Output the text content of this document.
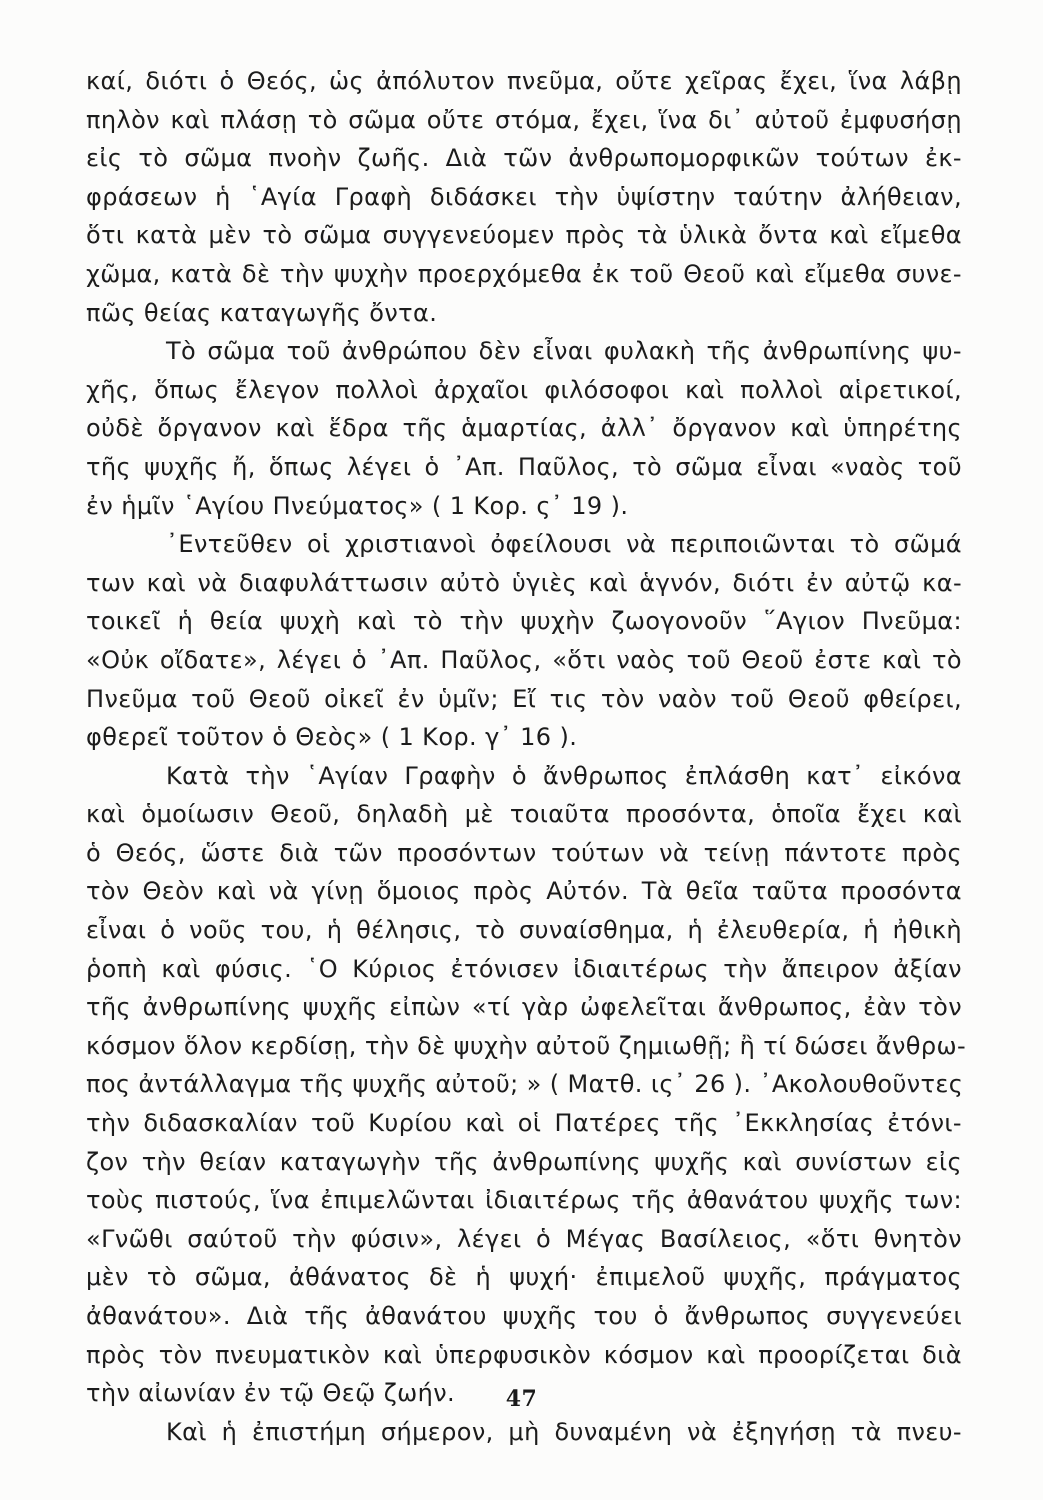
καί, διότι ὁ Θεός, ὡς ἀπόλυτον πνεῦμα, οὔτε χεῖρας ἔχει, ἵνα λάβῃ
πηλὸν καὶ πλάσῃ τὸ σῶμα οὔτε στόμα, ἔχει, ἵνα δι᾽ αὐτοῦ ἐμφυσήσῃ
εἰς τὸ σῶμα πνοὴν ζωῆς. Διὰ τῶν ἀνθρωπομορφικῶν τούτων ἐκ-
φράσεων ἡ ῾Αγία Γραφὴ διδάσκει τὴν ὑψίστην ταύτην ἀλήθειαν,
ὅτι κατὰ μὲν τὸ σῶμα συγγενεύομεν πρὸς τὰ ὑλικὰ ὄντα καὶ εἴμεθα
χῶμα, κατὰ δὲ τὴν ψυχὴν προερχόμεθα ἐκ τοῦ Θεοῦ καὶ εἴμεθα συνε-
πῶς θείας καταγωγῆς ὄντα.
Τὸ σῶμα τοῦ ἀνθρώπου δὲν εἶναι φυλακὴ τῆς ἀνθρωπίνης ψυ-
χῆς, ὅπως ἔλεγον πολλοὶ ἀρχαῖοι φιλόσοφοι καὶ πολλοὶ αἱρετικοί,
οὐδὲ ὄργανον καὶ ἕδρα τῆς ἁμαρτίας, ἀλλ᾽ ὄργανον καὶ ὑπηρέτης
τῆς ψυχῆς ἤ, ὅπως λέγει ὁ ᾽Απ. Παῦλος, τὸ σῶμα εἶναι «ναὸς τοῦ
ἐν ἡμῖν ῾Αγίου Πνεύματος» ( 1 Κορ. ς᾽ 19 ).
᾽Εντεῦθεν οἱ χριστιανοὶ ὀφείλουσι νὰ περιποιῶνται τὸ σῶμά
των καὶ νὰ διαφυλάττωσιν αὐτὸ ὑγιὲς καὶ ἁγνόν, διότι ἐν αὐτῷ κα-
τοικεῖ ἡ θεία ψυχὴ καὶ τὸ τὴν ψυχὴν ζωογονοῦν ῞Αγιον Πνεῦμα:
«Οὐκ οἴδατε», λέγει ὁ ᾽Απ. Παῦλος, «ὅτι ναὸς τοῦ Θεοῦ ἐστε καὶ τὸ
Πνεῦμα τοῦ Θεοῦ οἰκεῖ ἐν ὑμῖν; Εἴ τις τὸν ναὸν τοῦ Θεοῦ φθείρει,
φθερεῖ τοῦτον ὁ Θεὸς» ( 1 Κορ. γ᾽ 16 ).
Κατὰ τὴν ῾Αγίαν Γραφὴν ὁ ἄνθρωπος ἐπλάσθη κατ᾽ εἰκόνα
καὶ ὁμοίωσιν Θεοῦ, δηλαδὴ μὲ τοιαῦτα προσόντα, ὁποῖα ἔχει καὶ
ὁ Θεός, ὥστε διὰ τῶν προσόντων τούτων νὰ τείνῃ πάντοτε πρὸς
τὸν Θεὸν καὶ νὰ γίνῃ ὅμοιος πρὸς Αὐτόν. Τὰ θεῖα ταῦτα προσόντα
εἶναι ὁ νοῦς του, ἡ θέλησις, τὸ συναίσθημα, ἡ ἐλευθερία, ἡ ἠθικὴ
ῥοπὴ καὶ φύσις. ῾Ο Κύριος ἐτόνισεν ἰδιαιτέρως τὴν ἄπειρον ἀξίαν
τῆς ἀνθρωπίνης ψυχῆς εἰπὼν «τί γὰρ ὠφελεῖται ἄνθρωπος, ἐὰν τὸν
κόσμον ὅλον κερδίσῃ, τὴν δὲ ψυχὴν αὐτοῦ ζημιωθῇ; ἢ τί δώσει ἄνθρω-
πος ἀντάλλαγμα τῆς ψυχῆς αὐτοῦ; » ( Ματθ. ις᾽ 26 ). ᾽Ακολουθοῦντες
τὴν διδασκαλίαν τοῦ Κυρίου καὶ οἱ Πατέρες τῆς ᾽Εκκλησίας ἐτόνι-
ζον τὴν θείαν καταγωγὴν τῆς ἀνθρωπίνης ψυχῆς καὶ συνίστων εἰς
τοὺς πιστούς, ἵνα ἐπιμελῶνται ἰδιαιτέρως τῆς ἀθανάτου ψυχῆς των:
«Γνῶθι σαύτοῦ τὴν φύσιν», λέγει ὁ Μέγας Βασίλειος, «ὅτι θνητὸν
μὲν τὸ σῶμα, ἀθάνατος δὲ ἡ ψυχή· ἐπιμελοῦ ψυχῆς, πράγματος
ἀθανάτου». Διὰ τῆς ἀθανάτου ψυχῆς του ὁ ἄνθρωπος συγγενεύει
πρὸς τὸν πνευματικὸν καὶ ὑπερφυσικὸν κόσμον καὶ προορίζεται διὰ
τὴν αἰωνίαν ἐν τῷ Θεῷ ζωήν.
Καὶ ἡ ἐπιστήμη σήμερον, μὴ δυναμένη νὰ ἐξηγήσῃ τὰ πνευ-
47
